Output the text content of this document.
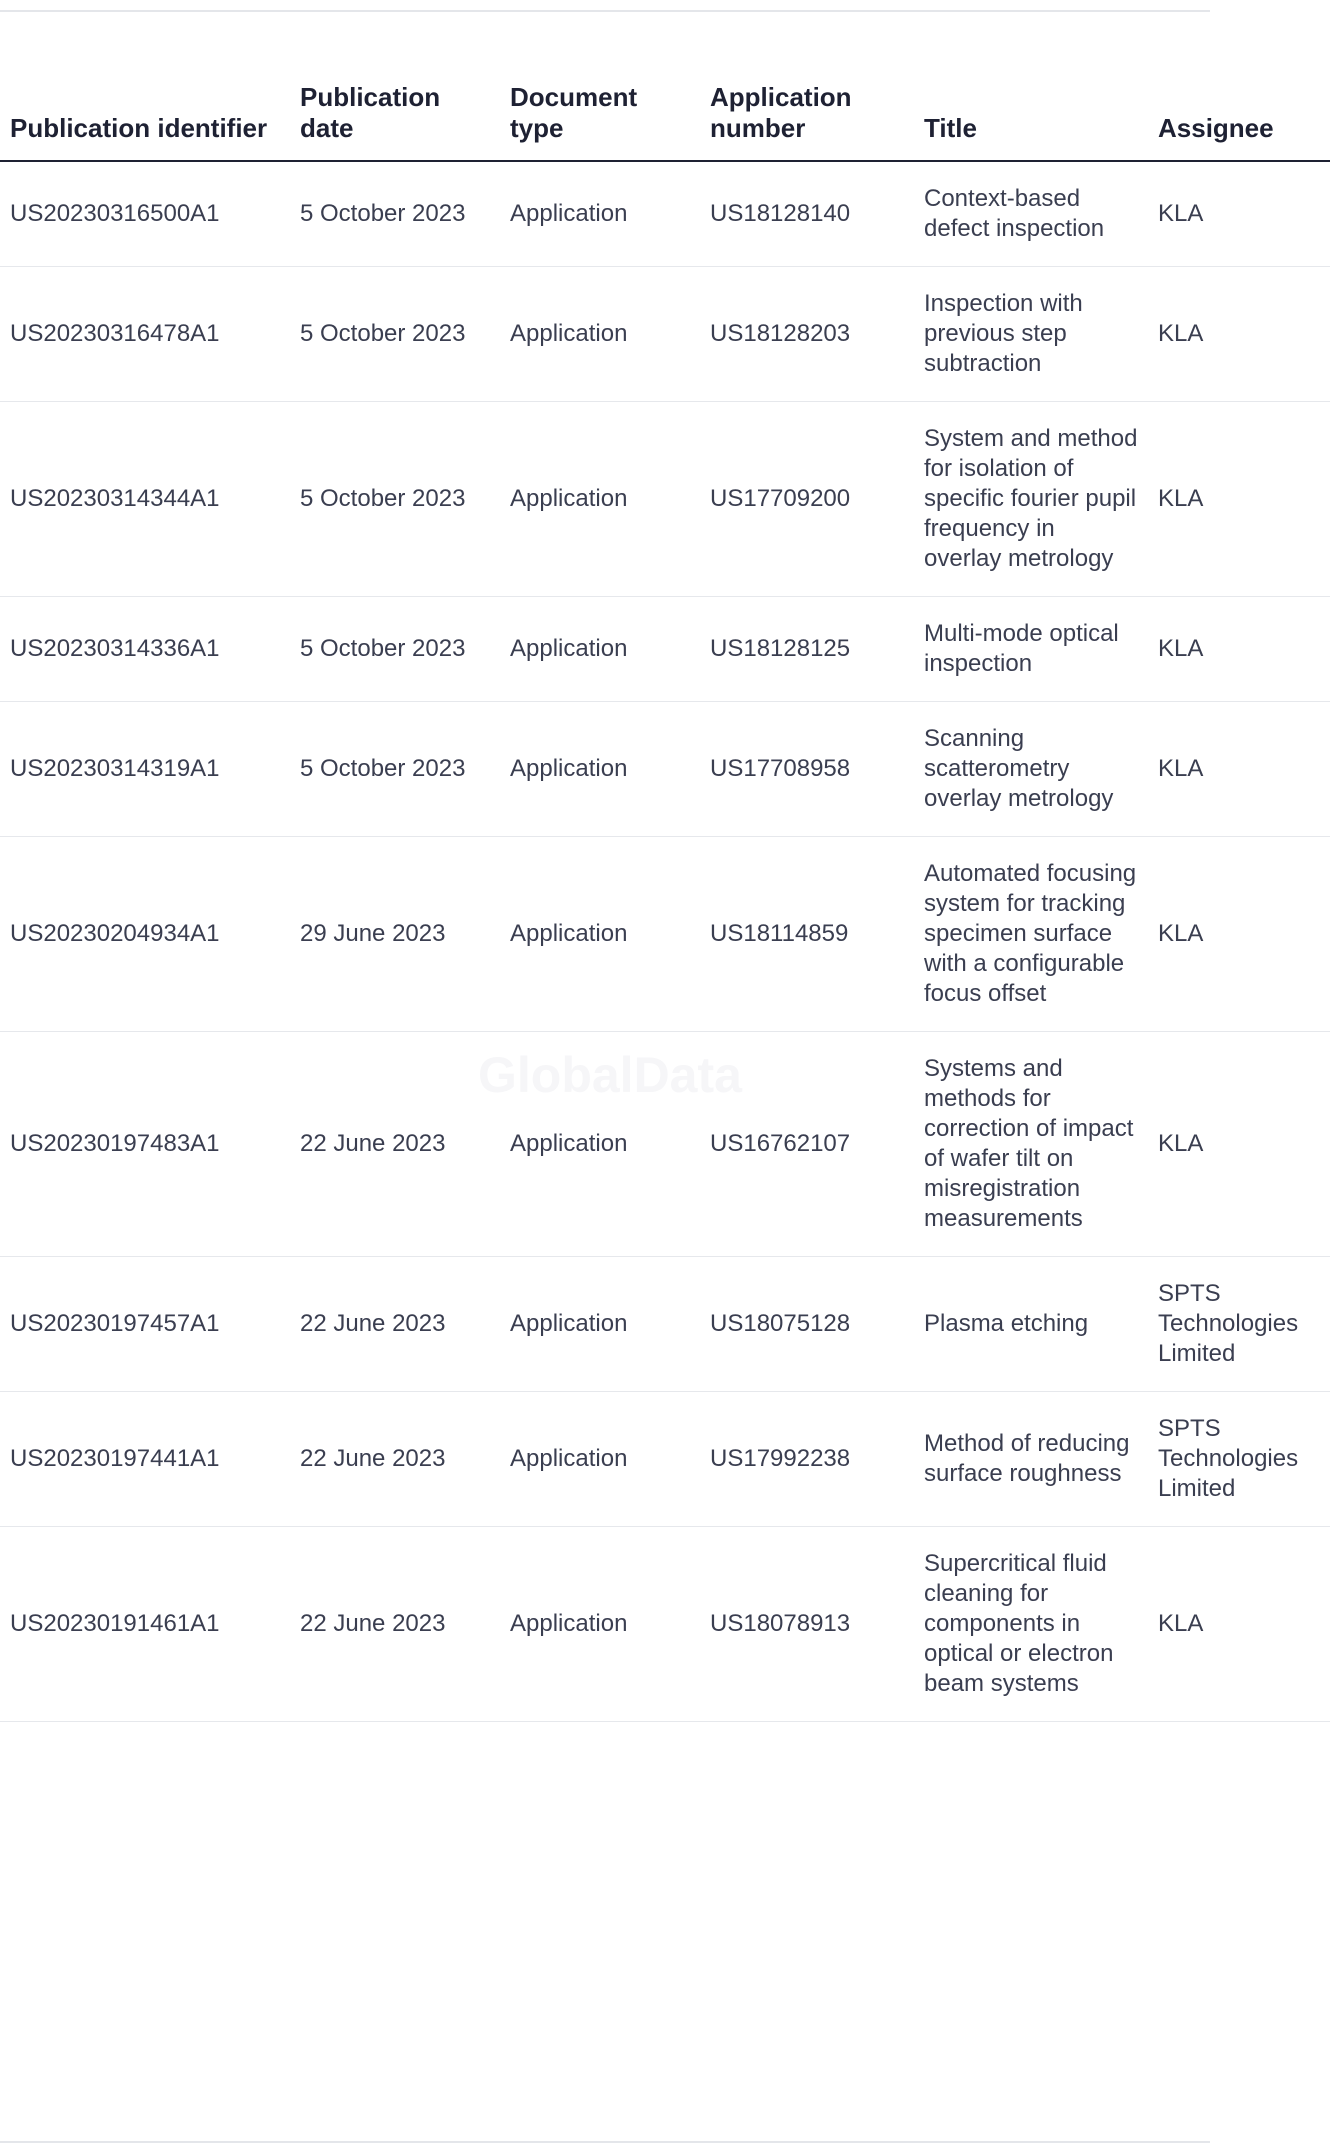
Publication identifier	Publication date	Document type	Application number	Title	Assignee
US20230316500A1	5 October 2023	Application	US18128140	Context-based defect inspection	KLA
US20230316478A1	5 October 2023	Application	US18128203	Inspection with previous step subtraction	KLA
US20230314344A1	5 October 2023	Application	US17709200	System and method for isolation of specific fourier pupil frequency in overlay metrology	KLA
US20230314336A1	5 October 2023	Application	US18128125	Multi-mode optical inspection	KLA
US20230314319A1	5 October 2023	Application	US17708958	Scanning scatterometry overlay metrology	KLA
US20230204934A1	29 June 2023	Application	US18114859	Automated focusing system for tracking specimen surface with a configurable focus offset	KLA
US20230197483A1	22 June 2023	Application	US16762107	Systems and methods for correction of impact of wafer tilt on misregistration measurements	KLA
US20230197457A1	22 June 2023	Application	US18075128	Plasma etching	SPTS Technologies Limited
US20230197441A1	22 June 2023	Application	US17992238	Method of reducing surface roughness	SPTS Technologies Limited
US20230191461A1	22 June 2023	Application	US18078913	Supercritical fluid cleaning for components in optical or electron beam systems	KLA
GlobalData
